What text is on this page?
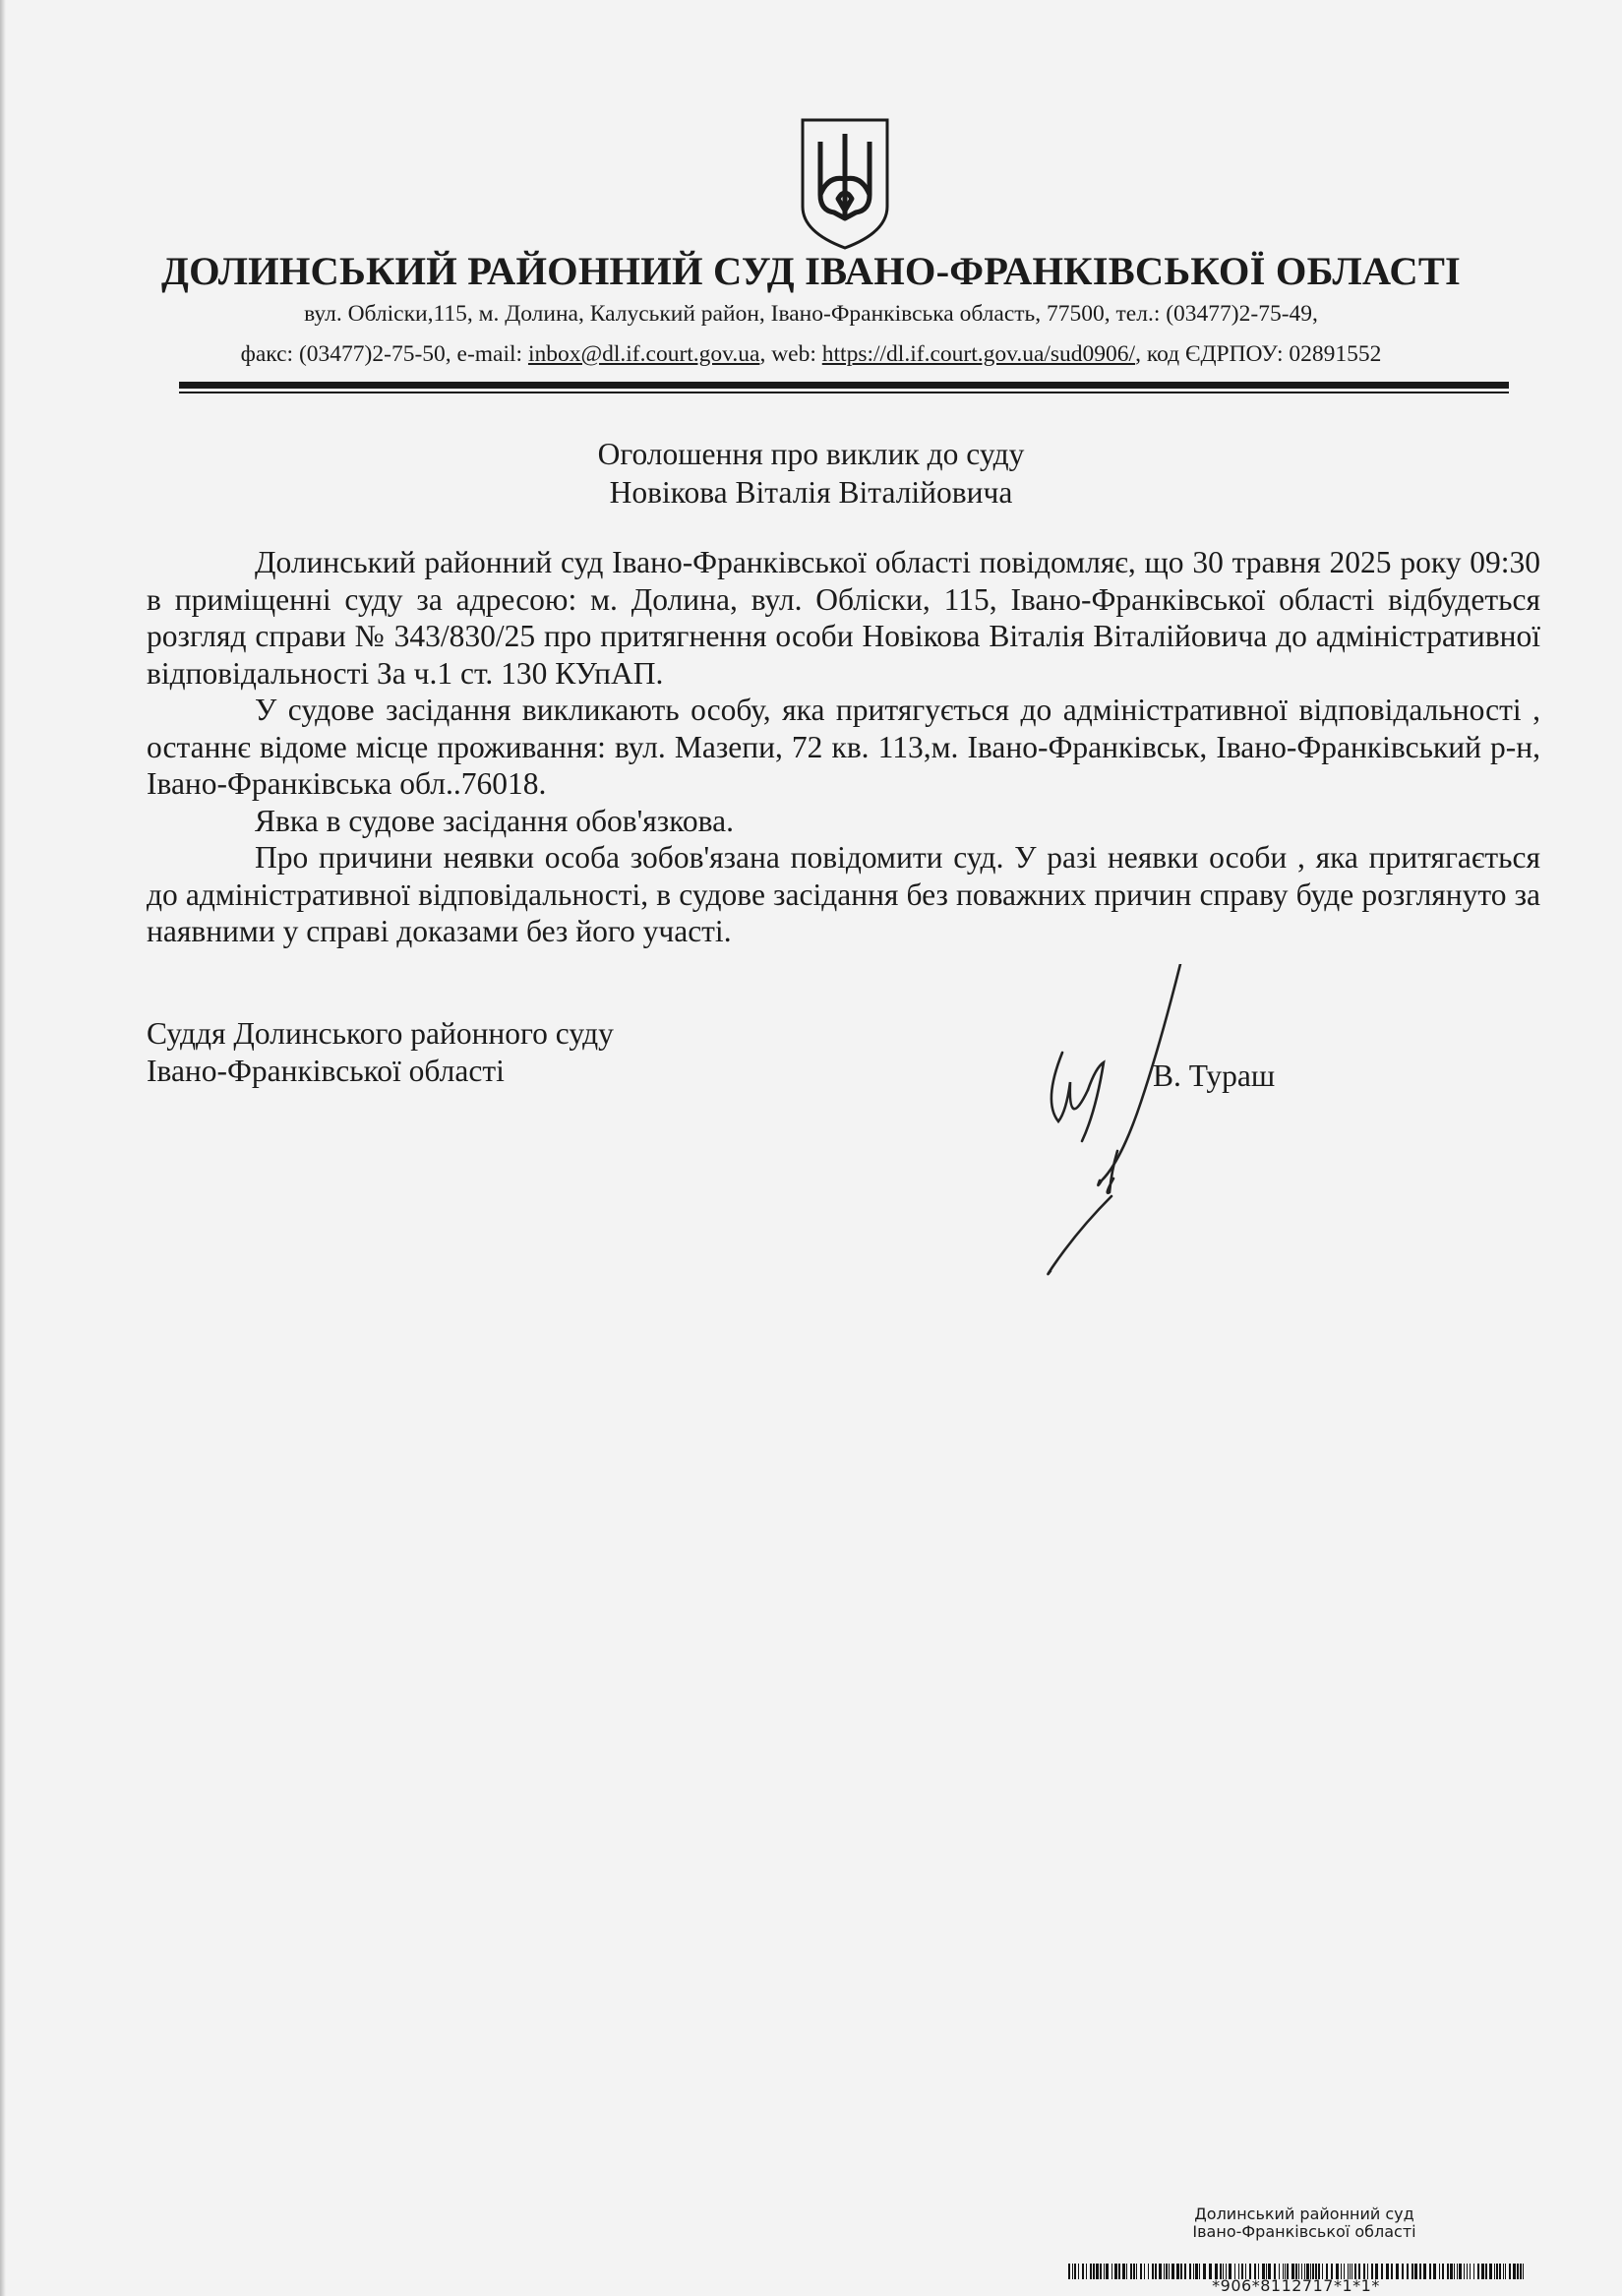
ДОЛИНСЬКИЙ РАЙОННИЙ СУД ІВАНО-ФРАНКІВСЬКОЇ ОБЛАСТІ
вул. Обліски,115, м. Долина, Калуський район, Івано-Франківська область, 77500, тел.: (03477)2-75-49,
факс: (03477)2-75-50, e-mail: inbox@dl.if.court.gov.ua, web: https://dl.if.court.gov.ua/sud0906/, код ЄДРПОУ: 02891552
Оголошення про виклик до суду
Новікова Віталія Віталійовича

Долинський районний суд Івано-Франківської області повідомляє, що 30 травня 2025 року 09:30 в приміщенні суду за адресою: м. Долина, вул. Обліски, 115, Івано-Франківської області відбудеться розгляд справи № 343/830/25 про притягнення особи Новікова Віталія Віталійовича до адміністративної відповідальності За ч.1 ст. 130 КУпАП.

У судове засідання викликають особу, яка притягується до адміністративної відповідальності , останнє відоме місце проживання: вул. Мазепи, 72 кв. 113,м. Івано-Франківськ, Івано-Франківський р-н, Івано-Франківська обл..76018.

Явка в судове засідання обов'язкова.

Про причини неявки особа зобов'язана повідомити суд. У разі неявки особи , яка притягається до адміністративної відповідальності, в судове засідання без поважних причин справу буде розглянуто за наявними у справі доказами без його участі.

Суддя Долинського районного суду
Івано-Франківської області	В. Тураш
Долинський районний суд
Івано-Франківської області
*906*8112717*1*1*
